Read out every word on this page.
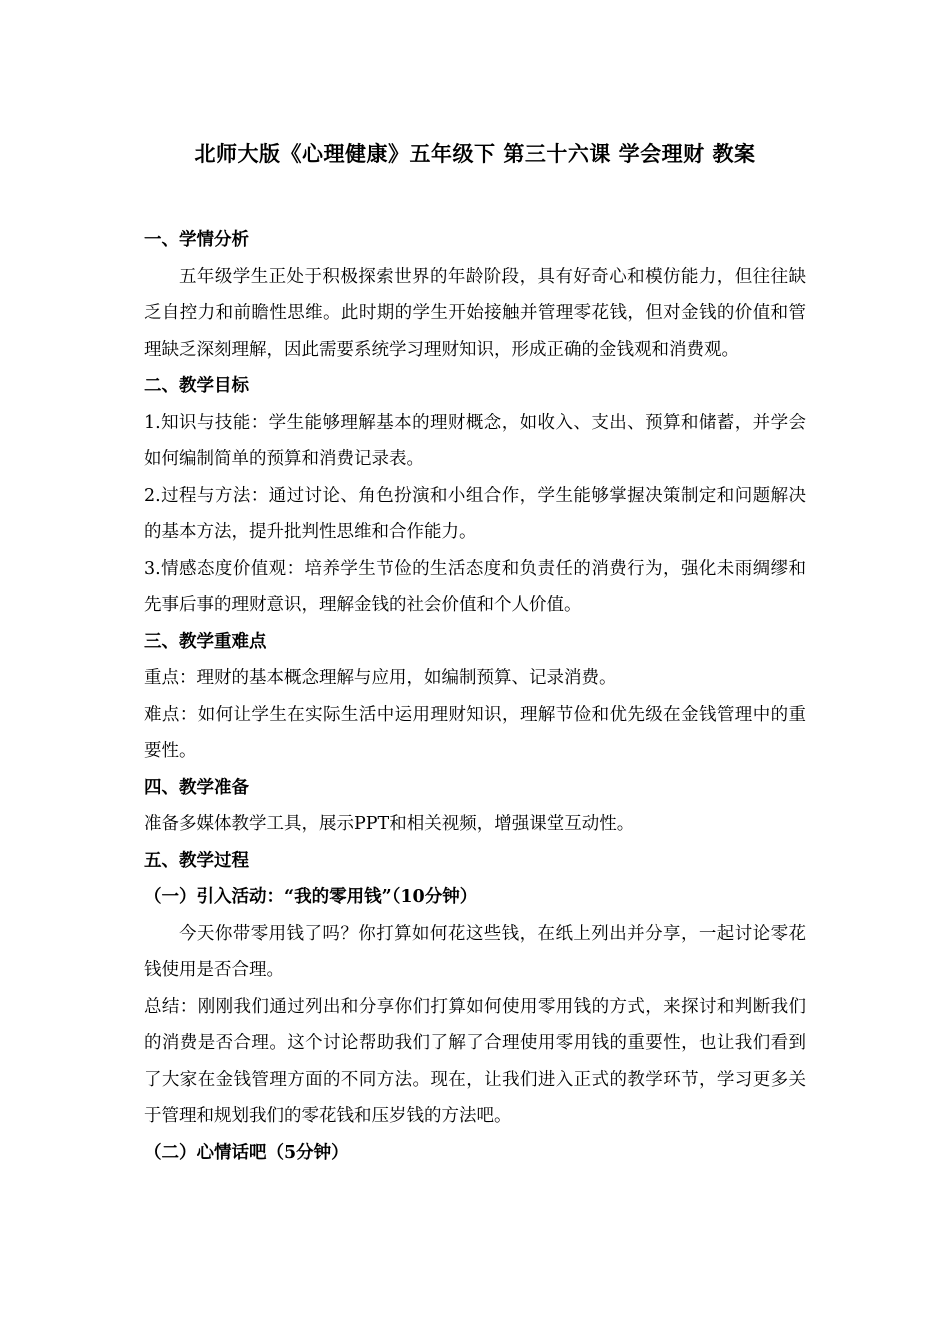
北师大版《心理健康》五年级下 第三十六课 学会理财 教案

一、学情分析

五年级学生正处于积极探索世界的年龄阶段，具有好奇心和模仿能力，但往往缺乏自控力和前瞻性思维。此时期的学生开始接触并管理零花钱，但对金钱的价值和管理缺乏深刻理解，因此需要系统学习理财知识，形成正确的金钱观和消费观。

二、教学目标

1.知识与技能：学生能够理解基本的理财概念，如收入、支出、预算和储蓄，并学会如何编制简单的预算和消费记录表。

2.过程与方法：通过讨论、角色扮演和小组合作，学生能够掌握决策制定和问题解决的基本方法，提升批判性思维和合作能力。

3.情感态度价值观：培养学生节俭的生活态度和负责任的消费行为，强化未雨绸缪和先事后事的理财意识，理解金钱的社会价值和个人价值。

三、教学重难点

重点：理财的基本概念理解与应用，如编制预算、记录消费。

难点：如何让学生在实际生活中运用理财知识，理解节俭和优先级在金钱管理中的重要性。

四、教学准备

准备多媒体教学工具，展示PPT和相关视频，增强课堂互动性。

五、教学过程

（一）引入活动：“我的零用钱”（10分钟）

今天你带零用钱了吗？你打算如何花这些钱，在纸上列出并分享，一起讨论零花钱使用是否合理。

总结：刚刚我们通过列出和分享你们打算如何使用零用钱的方式，来探讨和判断我们的消费是否合理。这个讨论帮助我们了解了合理使用零用钱的重要性，也让我们看到了大家在金钱管理方面的不同方法。现在，让我们进入正式的教学环节，学习更多关于管理和规划我们的零花钱和压岁钱的方法吧。

（二）心情话吧（5分钟）
